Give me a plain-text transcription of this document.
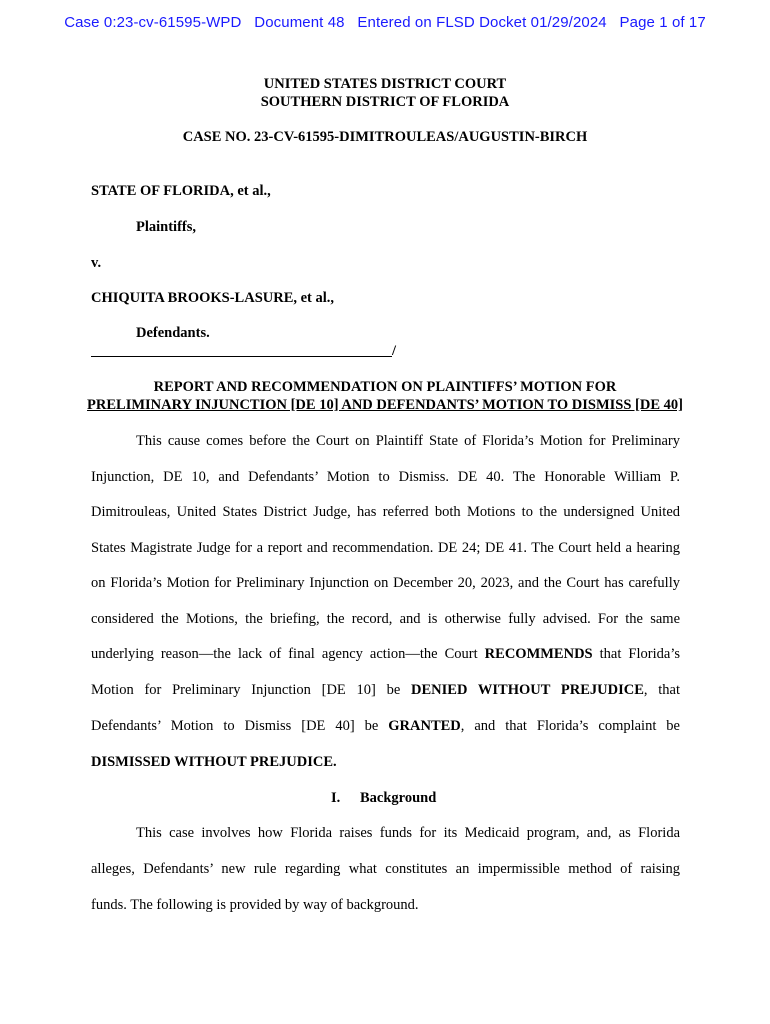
Case 0:23-cv-61595-WPD Document 48 Entered on FLSD Docket 01/29/2024 Page 1 of 17
UNITED STATES DISTRICT COURT
SOUTHERN DISTRICT OF FLORIDA
CASE NO. 23-CV-61595-DIMITROULEAS/AUGUSTIN-BIRCH
STATE OF FLORIDA, et al.,
Plaintiffs,
v.
CHIQUITA BROOKS-LASURE, et al.,
Defendants.
/
REPORT AND RECOMMENDATION ON PLAINTIFFS’ MOTION FOR
PRELIMINARY INJUNCTION [DE 10] AND DEFENDANTS’ MOTION TO DISMISS [DE 40]
This cause comes before the Court on Plaintiff State of Florida’s Motion for Preliminary
Injunction, DE 10, and Defendants’ Motion to Dismiss. DE 40. The Honorable William P.
Dimitrouleas, United States District Judge, has referred both Motions to the undersigned United
States Magistrate Judge for a report and recommendation. DE 24; DE 41. The Court held a hearing
on Florida’s Motion for Preliminary Injunction on December 20, 2023, and the Court has carefully
considered the Motions, the briefing, the record, and is otherwise fully advised. For the same
underlying reason—the lack of final agency action—the Court RECOMMENDS that Florida’s
Motion for Preliminary Injunction [DE 10] be DENIED WITHOUT PREJUDICE, that
Defendants’ Motion to Dismiss [DE 40] be GRANTED, and that Florida’s complaint be
DISMISSED WITHOUT PREJUDICE.
I. Background
This case involves how Florida raises funds for its Medicaid program, and, as Florida
alleges, Defendants’ new rule regarding what constitutes an impermissible method of raising
funds. The following is provided by way of background.
